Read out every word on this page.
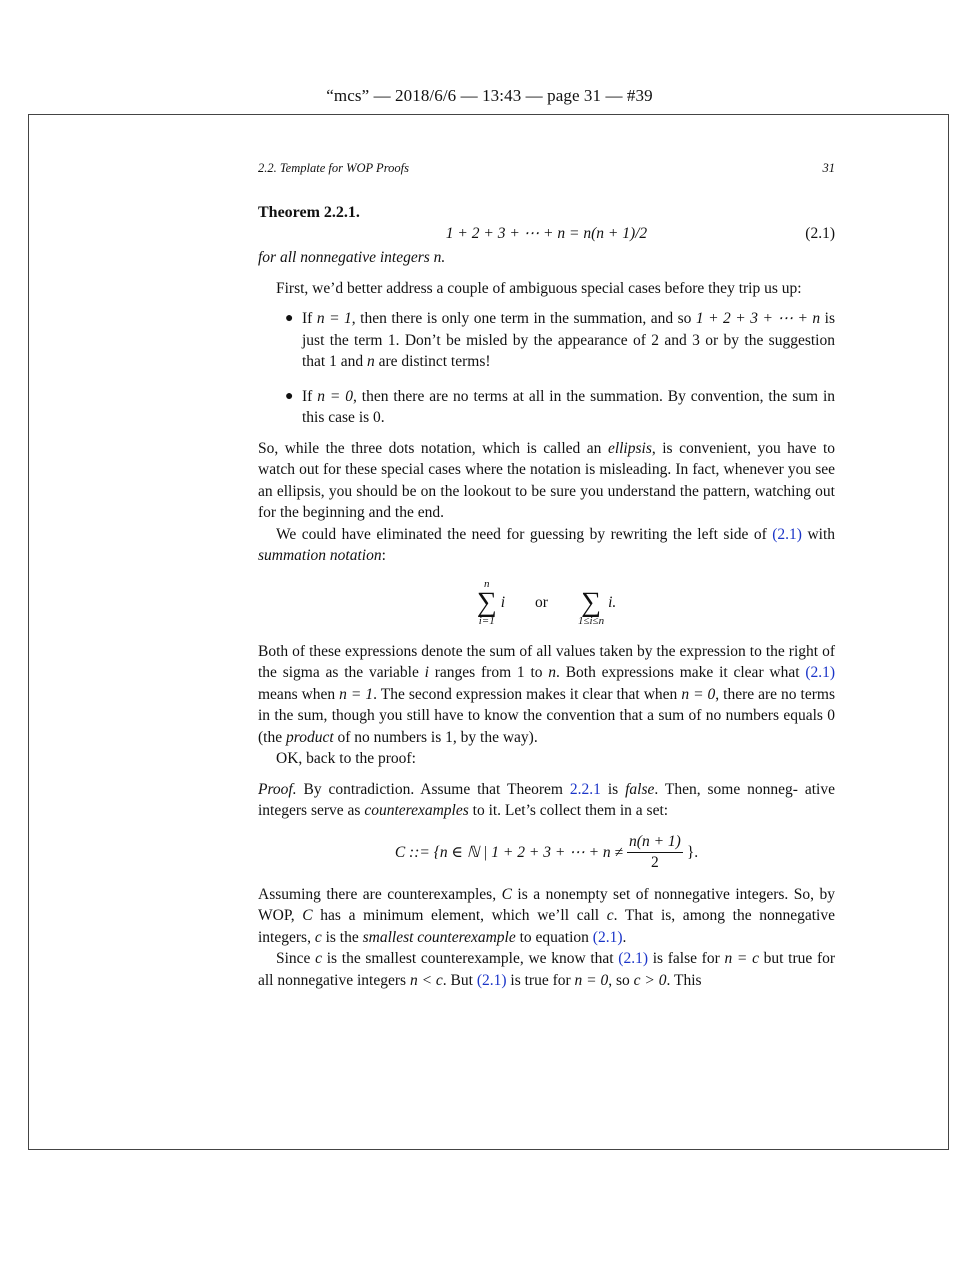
“mcs” — 2018/6/6 — 13:43 — page 31 — #39
2.2. Template for WOP Proofs	31

Theorem 2.2.1.

1 + 2 + 3 + ⋯ + n = n(n + 1)/2	(2.1)

for all nonnegative integers n.

First, we’d better address a couple of ambiguous special cases before they trip us up:

● If n = 1, then there is only one term in the summation, and so 1 + 2 + 3 + ⋯ + n is just the term 1. Don’t be misled by the appearance of 2 and 3 or by the suggestion that 1 and n are distinct terms!
● If n = 0, then there are no terms at all in the summation. By convention, the sum in this case is 0.

So, while the three dots notation, which is called an ellipsis, is convenient, you have to watch out for these special cases where the notation is misleading. In fact, whenever you see an ellipsis, you should be on the lookout to be sure you understand the pattern, watching out for the beginning and the end.

We could have eliminated the need for guessing by rewriting the left side of (2.1) with summation notation:

n
∑
i=1
i or
∑
1≤i≤n
i.

Both of these expressions denote the sum of all values taken by the expression to the right of the sigma as the variable i ranges from 1 to n. Both expressions make it clear what (2.1) means when n = 1. The second expression makes it clear that when n = 0, there are no terms in the sum, though you still have to know the convention that a sum of no numbers equals 0 (the product of no numbers is 1, by the way).

OK, back to the proof:

Proof. By contradiction. Assume that Theorem 2.2.1 is false. Then, some nonneg- ative integers serve as counterexamples to it. Let’s collect them in a set:

C ::= {n ∈ ℕ | 1 + 2 + 3 + ⋯ + $n \ne \frac{n(n + 1)}{2}$ }.

Assuming there are counterexamples, C is a nonempty set of nonnegative integers. So, by WOP, C has a minimum element, which we’ll call c. That is, among the nonnegative integers, c is the smallest counterexample to equation (2.1).

Since c is the smallest counterexample, we know that (2.1) is false for n = c but true for all nonnegative integers n < c. But (2.1) is true for n = 0, so c > 0. This
